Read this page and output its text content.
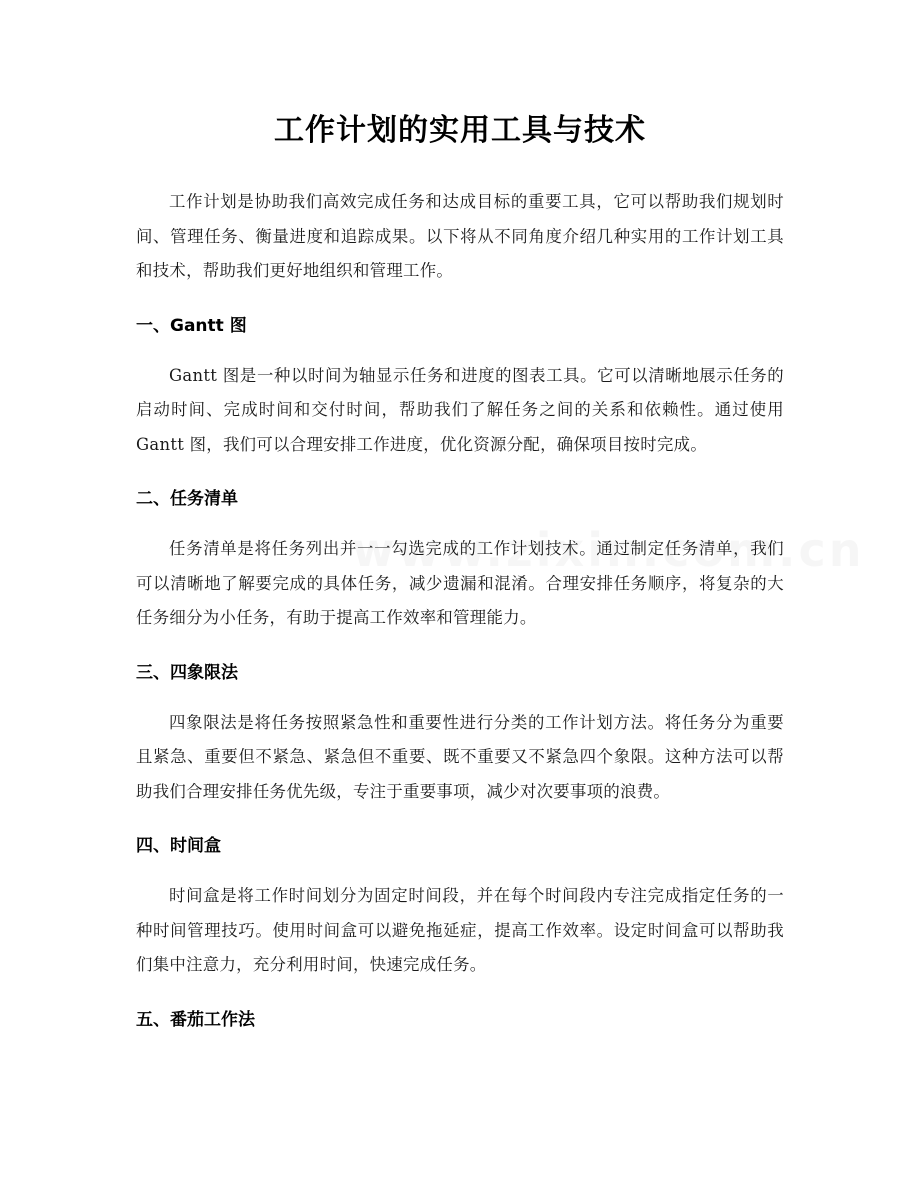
工作计划的实用工具与技术

工作计划是协助我们高效完成任务和达成目标的重要工具，它可以帮助我们规划时间、管理任务、衡量进度和追踪成果。以下将从不同角度介绍几种实用的工作计划工具和技术，帮助我们更好地组织和管理工作。

一、Gantt 图

Gantt 图是一种以时间为轴显示任务和进度的图表工具。它可以清晰地展示任务的启动时间、完成时间和交付时间，帮助我们了解任务之间的关系和依赖性。通过使用 Gantt 图，我们可以合理安排工作进度，优化资源分配，确保项目按时完成。

二、任务清单

任务清单是将任务列出并一一勾选完成的工作计划技术。通过制定任务清单，我们可以清晰地了解要完成的具体任务，减少遗漏和混淆。合理安排任务顺序，将复杂的大任务细分为小任务，有助于提高工作效率和管理能力。

三、四象限法

四象限法是将任务按照紧急性和重要性进行分类的工作计划方法。将任务分为重要且紧急、重要但不紧急、紧急但不重要、既不重要又不紧急四个象限。这种方法可以帮助我们合理安排任务优先级，专注于重要事项，减少对次要事项的浪费。

四、时间盒

时间盒是将工作时间划分为固定时间段，并在每个时间段内专注完成指定任务的一种时间管理技巧。使用时间盒可以避免拖延症，提高工作效率。设定时间盒可以帮助我们集中注意力，充分利用时间，快速完成任务。

五、番茄工作法
